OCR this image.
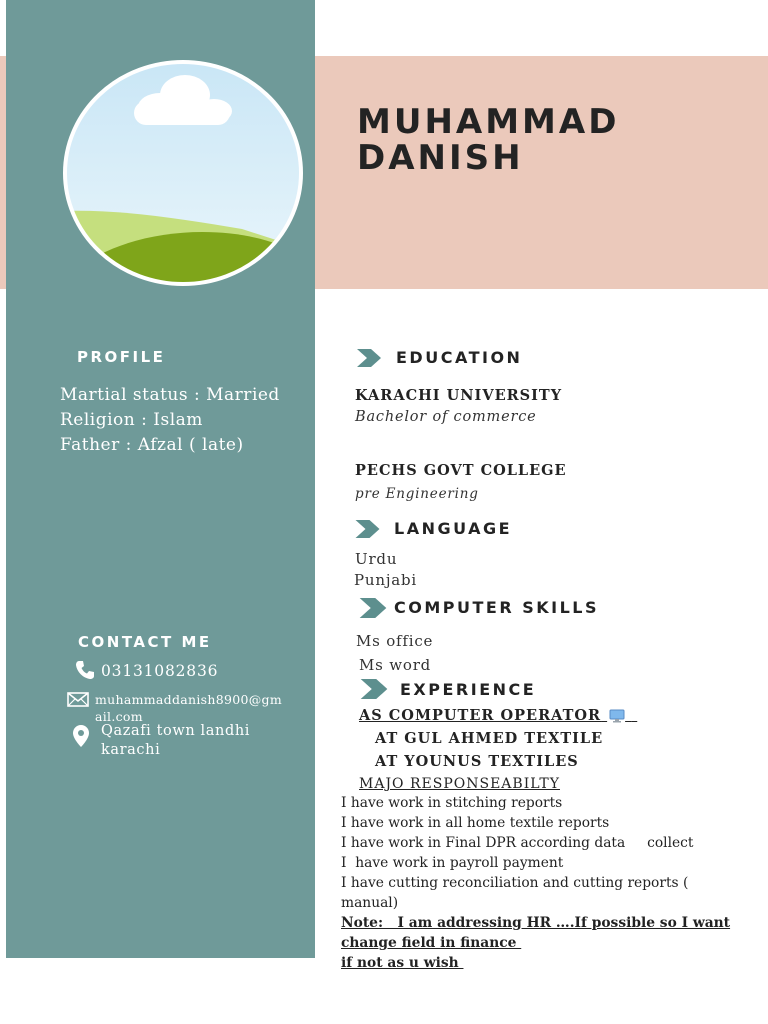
MUHAMMAD
DANISH
PROFILE
Martial status : Married
Religion : Islam
Father : Afzal ( late)
CONTACT ME
03131082836
muhammaddanish8900@gm
ail.com
Qazafi town landhi
karachi
EDUCATION
KARACHI UNIVERSITY
Bachelor of commerce
PECHS GOVT COLLEGE
pre Engineering
LANGUAGE
Urdu
Punjabi
COMPUTER SKILLS
Ms office
Ms word
EXPERIENCE
AS COMPUTER OPERATOR
AT GUL AHMED TEXTILE
AT YOUNUS TEXTILES
MAJO RESPONSEABILTY
I have work in stitching reports
I have work in all home textile reports
I have work in Final DPR according data     collect
I  have work in payroll payment
I have cutting reconciliation and cutting reports (
manual)
Note:   I am addressing HR ….If possible so I want
change field in finance
if not as u wish
